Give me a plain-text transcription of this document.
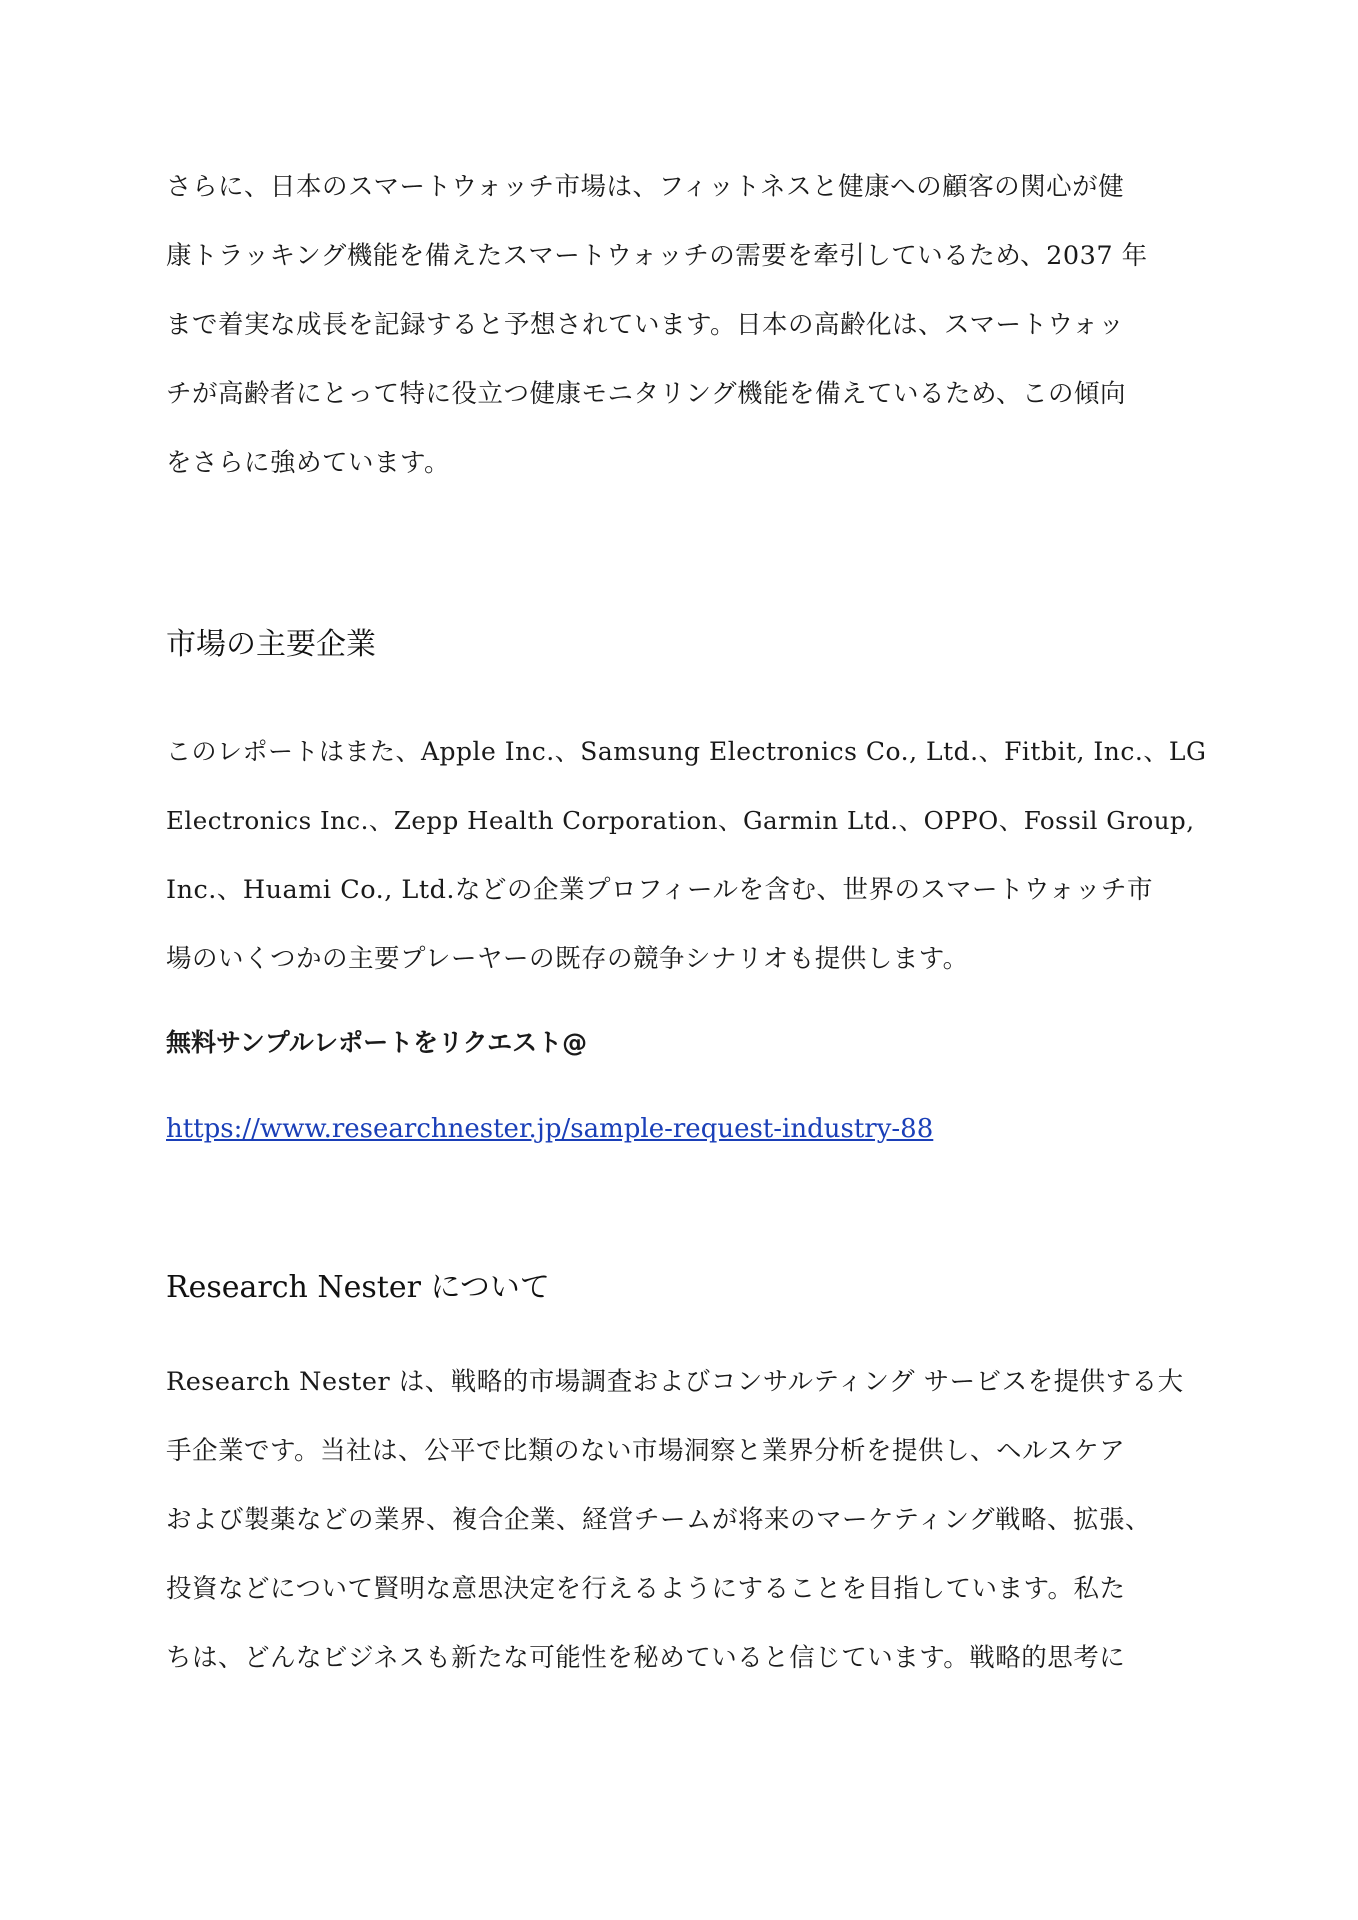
さらに、日本のスマートウォッチ市場は、フィットネスと健康への顧客の関心が健
康トラッキング機能を備えたスマートウォッチの需要を牽引しているため、2037 年
まで着実な成長を記録すると予想されています。日本の高齢化は、スマートウォッ
チが高齢者にとって特に役立つ健康モニタリング機能を備えているため、この傾向
をさらに強めています。
市場の主要企業
このレポートはまた、Apple Inc.、Samsung Electronics Co., Ltd.、Fitbit, Inc.、LG
Electronics Inc.、Zepp Health Corporation、Garmin Ltd.、OPPO、Fossil Group,
Inc.、Huami Co., Ltd.などの企業プロフィールを含む、世界のスマートウォッチ市
場のいくつかの主要プレーヤーの既存の競争シナリオも提供します。
無料サンプルレポートをリクエスト@
https://www.researchnester.jp/sample-request-industry-88
Research Nester について
Research Nester は、戦略的市場調査およびコンサルティング サービスを提供する大
手企業です。当社は、公平で比類のない市場洞察と業界分析を提供し、ヘルスケア
および製薬などの業界、複合企業、経営チームが将来のマーケティング戦略、拡張、
投資などについて賢明な意思決定を行えるようにすることを目指しています。私た
ちは、どんなビジネスも新たな可能性を秘めていると信じています。戦略的思考に
